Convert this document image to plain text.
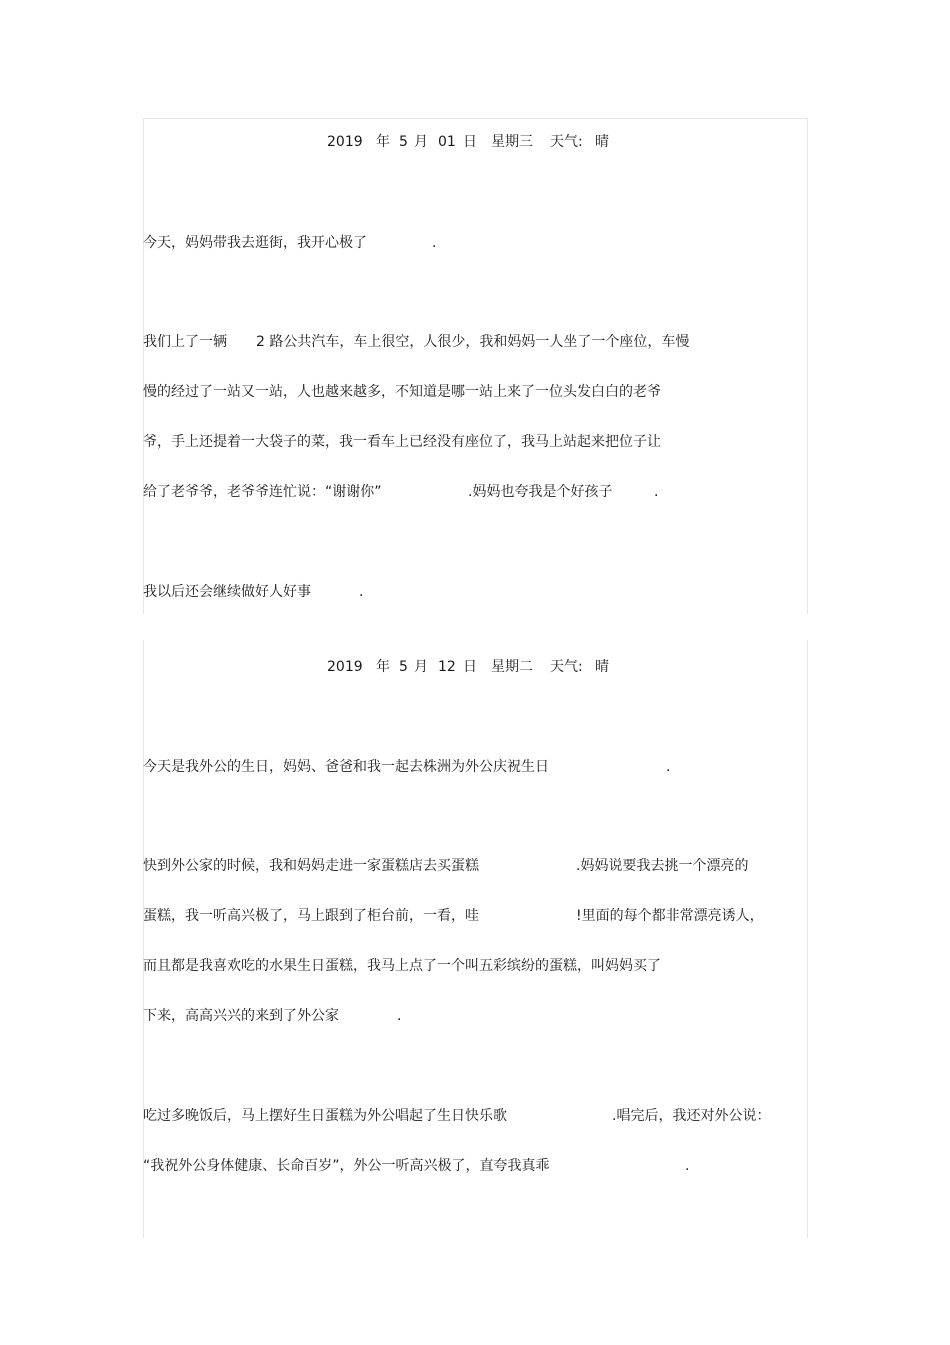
2019 年 5 月 01 日 星期三 天气: 晴
今天，妈妈带我去逛街，我开心极了	.
我们上了一辆 2 路公共汽车，车上很空，人很少，我和妈妈一人坐了一个座位，车慢
慢的经过了一站又一站，人也越来越多，不知道是哪一站上来了一位头发白白的老爷
爷，手上还提着一大袋子的菜，我一看车上已经没有座位了，我马上站起来把位子让
给了老爷爷，老爷爷连忙说：“谢谢你”	.妈妈也夸我是个好孩子	.
我以后还会继续做好人好事	.
2019 年 5 月 12 日 星期二 天气: 晴
今天是我外公的生日，妈妈、爸爸和我一起去株洲为外公庆祝生日	.
快到外公家的时候，我和妈妈走进一家蛋糕店去买蛋糕	.妈妈说要我去挑一个漂亮的
蛋糕，我一听高兴极了，马上跟到了柜台前，一看，哇	!里面的每个都非常漂亮诱人，
而且都是我喜欢吃的水果生日蛋糕，我马上点了一个叫五彩缤纷的蛋糕，叫妈妈买了
下来，高高兴兴的来到了外公家	.
吃过多晚饭后，马上摆好生日蛋糕为外公唱起了生日快乐歌	.唱完后，我还对外公说：
“我祝外公身体健康、长命百岁”，外公一听高兴极了，直夸我真乖	.
